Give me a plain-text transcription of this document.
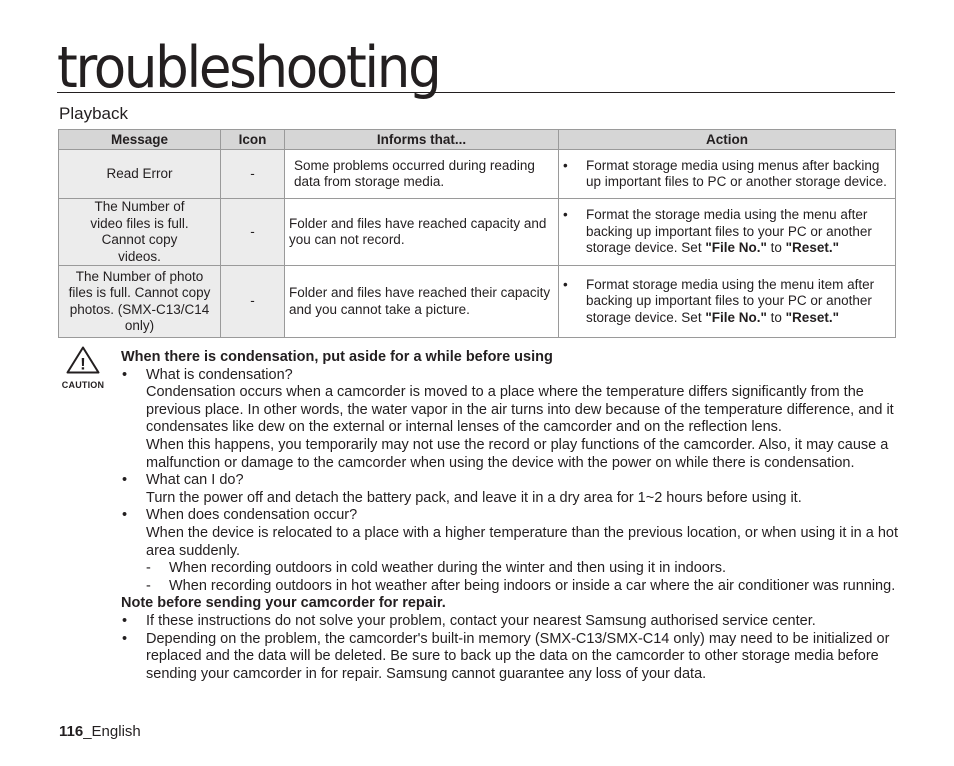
troubleshooting
Playback
Message	Icon	Informs that...	Action
Read Error	-	Some problems occurred during reading data from storage media.	• Format storage media using menus after backing up important files to PC or another storage device.

The Number of video files is full. Cannot copy videos.	-	Folder and files have reached capacity and you can not record.	• Format the storage media using the menu after backing up important files to your PC or another storage device. Set "File No." to "Reset."

The Number of photo files is full. Cannot copy photos. (SMX-C13/C14 only)	-	Folder and files have reached their capacity and you cannot take a picture.	• Format storage media using the menu item after backing up important files to your PC or another storage device. Set "File No." to "Reset."
!
CAUTION
When there is condensation, put aside for a while before using
•	What is condensation?
Condensation occurs when a camcorder is moved to a place where the temperature differs significantly from the previous place. In other words, the water vapor in the air turns into dew because of the temperature difference, and it condensates like dew on the external or internal lenses of the camcorder and on the reflection lens.
When this happens, you temporarily may not use the record or play functions of the camcorder. Also, it may cause a malfunction or damage to the camcorder when using the device with the power on while there is condensation.
•	What can I do?
Turn the power off and detach the battery pack, and leave it in a dry area for 1~2 hours before using it.
•	When does condensation occur?
When the device is relocated to a place with a higher temperature than the previous location, or when using it in a hot area suddenly.
-	When recording outdoors in cold weather during the winter and then using it in indoors.
-	When recording outdoors in hot weather after being indoors or inside a car where the air conditioner was running.
Note before sending your camcorder for repair.
•	If these instructions do not solve your problem, contact your nearest Samsung authorised service center.
•	Depending on the problem, the camcorder's built-in memory (SMX-C13/SMX-C14 only) may need to be initialized or replaced and the data will be deleted. Be sure to back up the data on the camcorder to other storage media before sending your camcorder in for repair. Samsung cannot guarantee any loss of your data.
116_English
